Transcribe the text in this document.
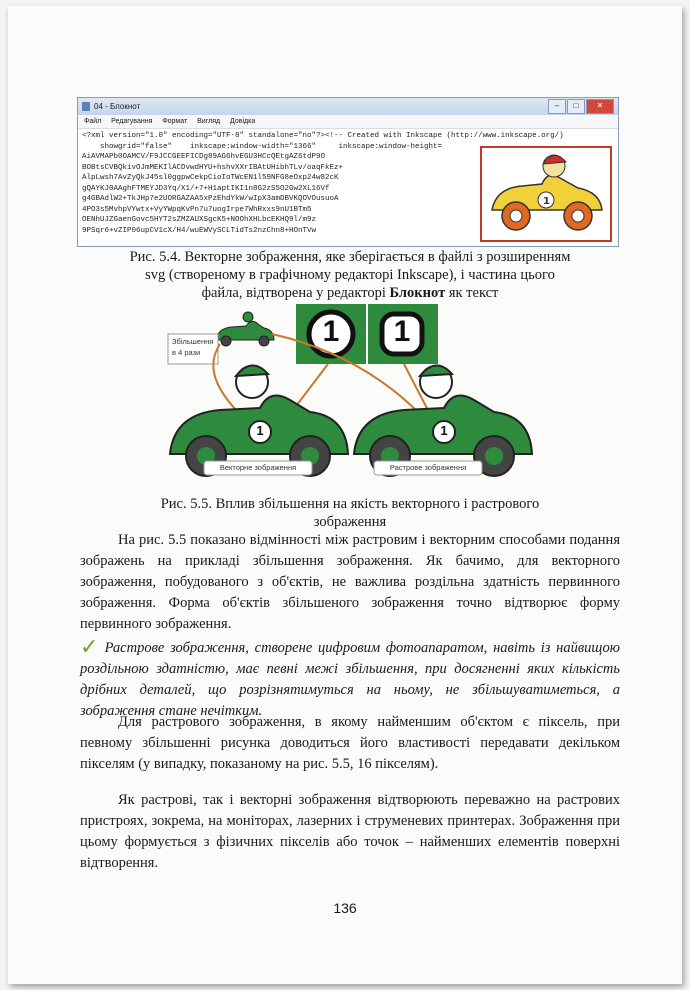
04 - Блокнот	–	□	✕
Файл Редагування Формат Вигляд Довідка
<?xml version="1.0" encoding="UTF-8" standalone="no"?><!-- Created with Inkscape (http://www.inkscape.org/)
showgrid="false"    inkscape:window-width="1366"     inkscape:window-height=
AiAVMAPb0OAMCV/F9JCCGEEFICDg89AG6hvEGU3HCcQEtgAZ6tdP9O
BOBtsCVBQkivOJmMEKIlACDvwdHYU+hshvXXrIBAtUHibhTLv/oaqFkEz+
AlpLwsh7AvZyQkJ45sl0ggpwCekpCioIoTWcEN1l59NFG8eOxp24w82cK
gQAYKJ0AAghFTMEYJD3Yq/X1/+7+H1aptIKI1n8G2zS5O2Gw2XL16Vf
g4GBAdlW2+TkJHp7e2UORGAZAA5xPzEhdYkW/wIpX3amDBVKQOVOusuoA
4PO3s5MvhpVYwtx+VyYWpqKvPn7u7uogIrpe7WhRxxs9nU1BTm5
OENhUJZGaenGovc5HYT2sZMZAUXSgcK5+NOOhXHLbcEKHQ9l/m9z
9PSqr6+vZIP06upCV1cX/H4/wuEWVySCLTidTs2nzChn8+HOnTVw
1
Рис. 5.4. Векторне зображення, яке зберігається в файлі з розширенням
svg (створеному в графічному редакторі Inkscape), і частина цього
файла, відтворена у редакторі Блокнот як текст
Збільшення
в 4 рази
Векторне зображення	Растрове зображення
1 1
1	1
Рис. 5.5. Вплив збільшення на якість векторного і растрового
зображення
На рис. 5.5 показано відмінності між растровим і векторним способами подання зображень на прикладі збільшення зображення. Як бачимо, для векторного зображення, побудованого з об'єктів, не важлива роздільна здатність первинного зображення. Форма об'єктів збільшеного зображення точно відтворює форму первинного зображення.
✓ Растрове зображення, створене цифровим фотоапаратом, навіть із найвищою роздільною здатністю, має певні межі збільшення, при досягненні яких кількість дрібних деталей, що розрізнятимуться на ньому, не збільшуватиметься, а зображення стане нечітким.
Для растрового зображення, в якому найменшим об'єктом є піксель, при певному збільшенні рисунка доводиться його властивості передавати декільком пікселям (у випадку, показаному на рис. 5.5, 16 пікселям).
Як растрові, так і векторні зображення відтворюють переважно на растрових пристроях, зокрема, на моніторах, лазерних і струменевих принтерах. Зображення при цьому формується з фізичних пікселів або точок – найменших елементів поверхні відтворення.
136
